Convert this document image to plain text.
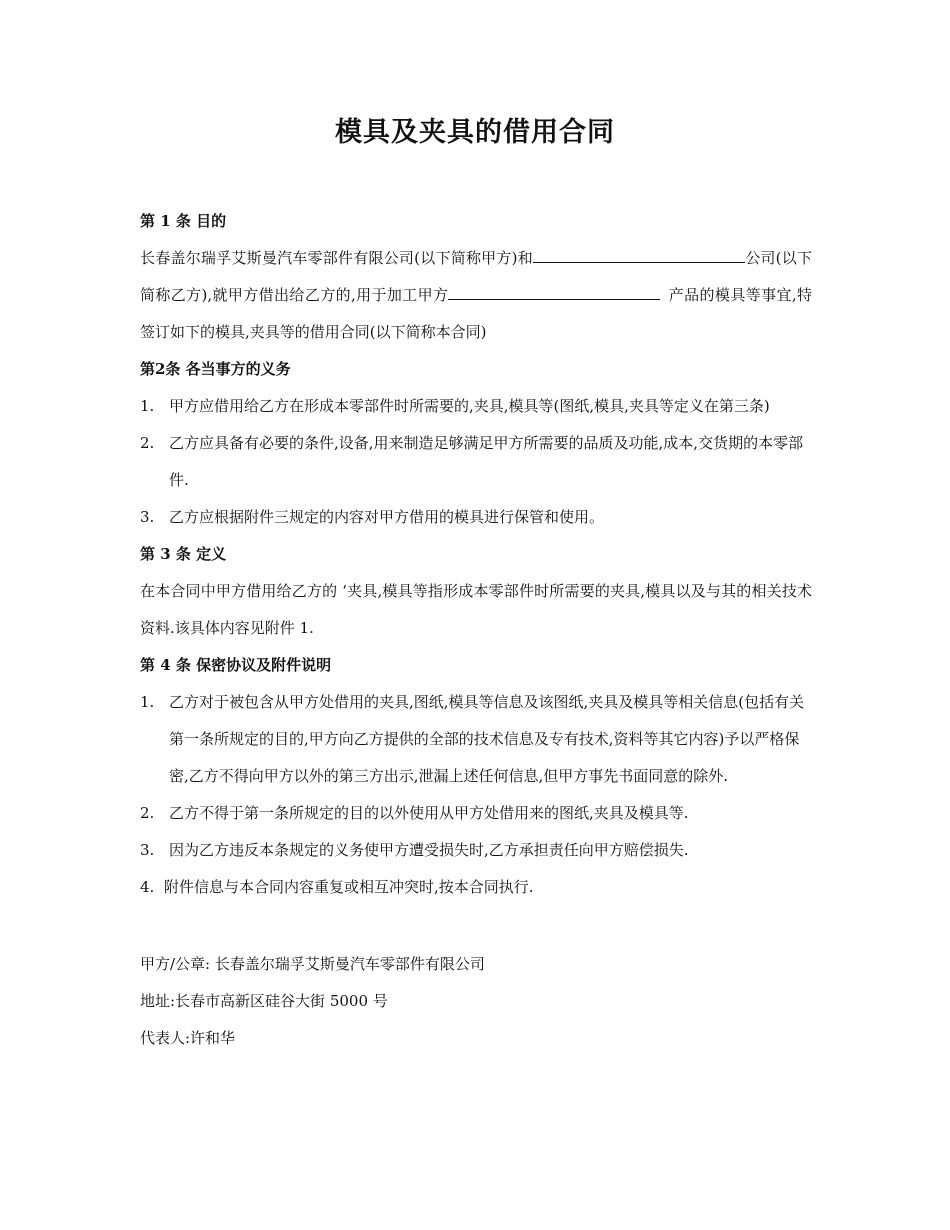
模具及夹具的借用合同

第 1 条 目的

长春盖尔瑞孚艾斯曼汽车零部件有限公司(以下简称甲方)和	公司(以下简称乙方),就甲方借出给乙方的,用于加工甲方	产品的模具等事宜,特签订如下的模具,夹具等的借用合同(以下简称本合同)

第2条 各当事方的义务

1. 甲方应借用给乙方在形成本零部件时所需要的,夹具,模具等(图纸,模具,夹具等定义在第三条)
2. 乙方应具备有必要的条件,设备,用来制造足够满足甲方所需要的品质及功能,成本,交货期的本零部件.
3. 乙方应根据附件三规定的内容对甲方借用的模具进行保管和使用。

第 3 条 定义

在本合同中甲方借用给乙方的 ‘夹具,模具等指形成本零部件时所需要的夹具,模具以及与其的相关技术资料.该具体内容见附件 1.

第 4 条 保密协议及附件说明

1. 乙方对于被包含从甲方处借用的夹具,图纸,模具等信息及该图纸,夹具及模具等相关信息(包括有关第一条所规定的目的,甲方向乙方提供的全部的技术信息及专有技术,资料等其它内容)予以严格保密,乙方不得向甲方以外的第三方出示,泄漏上述任何信息,但甲方事先书面同意的除外.
2. 乙方不得于第一条所规定的目的以外使用从甲方处借用来的图纸,夹具及模具等.
3. 因为乙方违反本条规定的义务使甲方遭受损失时,乙方承担责任向甲方赔偿损失.
4. 附件信息与本合同内容重复或相互冲突时,按本合同执行.

甲方/公章: 长春盖尔瑞孚艾斯曼汽车零部件有限公司

地址:长春市高新区硅谷大街 5000 号

代表人:许和华
